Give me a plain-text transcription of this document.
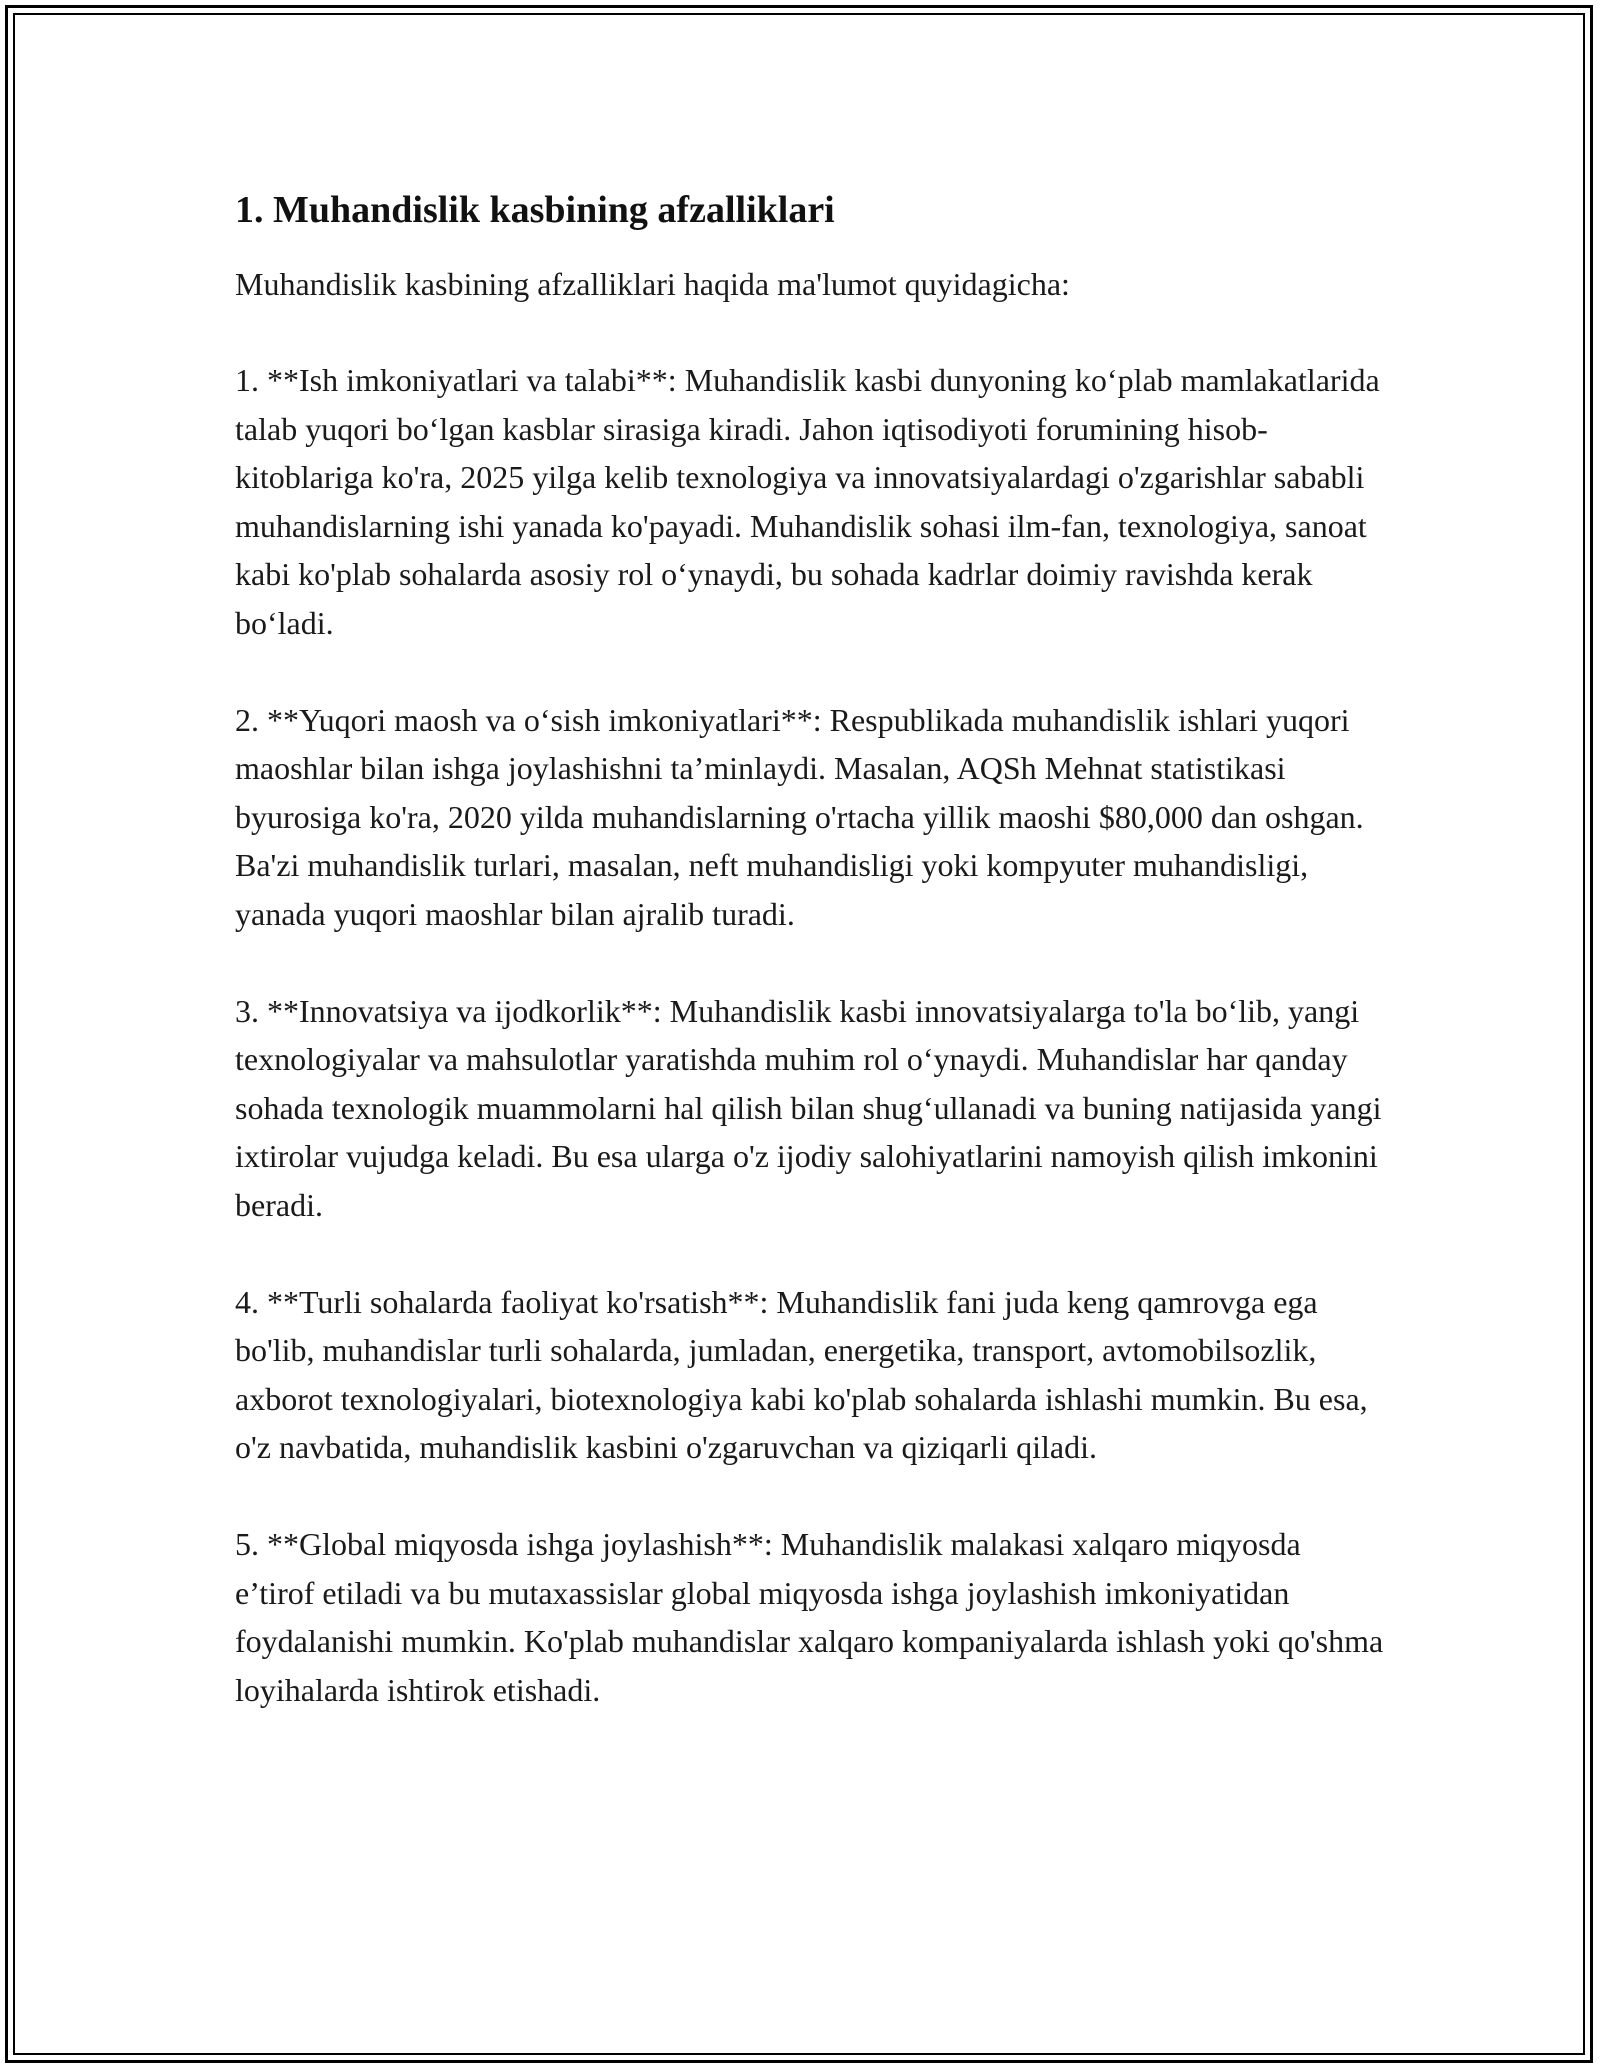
1. Muhandislik kasbining afzalliklari

Muhandislik kasbining afzalliklari haqida ma'lumot quyidagicha:

1. **Ish imkoniyatlari va talabi**: Muhandislik kasbi dunyoning ko‘plab mamlakatlarida talab yuqori bo‘lgan kasblar sirasiga kiradi. Jahon iqtisodiyoti forumining hisob-kitoblariga ko'ra, 2025 yilga kelib texnologiya va innovatsiyalardagi o'zgarishlar sababli muhandislarning ishi yanada ko'payadi. Muhandislik sohasi ilm-fan, texnologiya, sanoat kabi ko'plab sohalarda asosiy rol o‘ynaydi, bu sohada kadrlar doimiy ravishda kerak bo‘ladi.

2. **Yuqori maosh va o‘sish imkoniyatlari**: Respublikada muhandislik ishlari yuqori maoshlar bilan ishga joylashishni ta’minlaydi. Masalan, AQSh Mehnat statistikasi byurosiga ko'ra, 2020 yilda muhandislarning o'rtacha yillik maoshi $80,000 dan oshgan. Ba'zi muhandislik turlari, masalan, neft muhandisligi yoki kompyuter muhandisligi, yanada yuqori maoshlar bilan ajralib turadi.

3. **Innovatsiya va ijodkorlik**: Muhandislik kasbi innovatsiyalarga to'la bo‘lib, yangi texnologiyalar va mahsulotlar yaratishda muhim rol o‘ynaydi. Muhandislar har qanday sohada texnologik muammolarni hal qilish bilan shug‘ullanadi va buning natijasida yangi ixtirolar vujudga keladi. Bu esa ularga o'z ijodiy salohiyatlarini namoyish qilish imkonini beradi.

4. **Turli sohalarda faoliyat ko'rsatish**: Muhandislik fani juda keng qamrovga ega bo'lib, muhandislar turli sohalarda, jumladan, energetika, transport, avtomobilsozlik, axborot texnologiyalari, biotexnologiya kabi ko'plab sohalarda ishlashi mumkin. Bu esa, o'z navbatida, muhandislik kasbini o'zgaruvchan va qiziqarli qiladi.

5. **Global miqyosda ishga joylashish**: Muhandislik malakasi xalqaro miqyosda e’tirof etiladi va bu mutaxassislar global miqyosda ishga joylashish imkoniyatidan foydalanishi mumkin. Ko'plab muhandislar xalqaro kompaniyalarda ishlash yoki qo'shma loyihalarda ishtirok etishadi.
